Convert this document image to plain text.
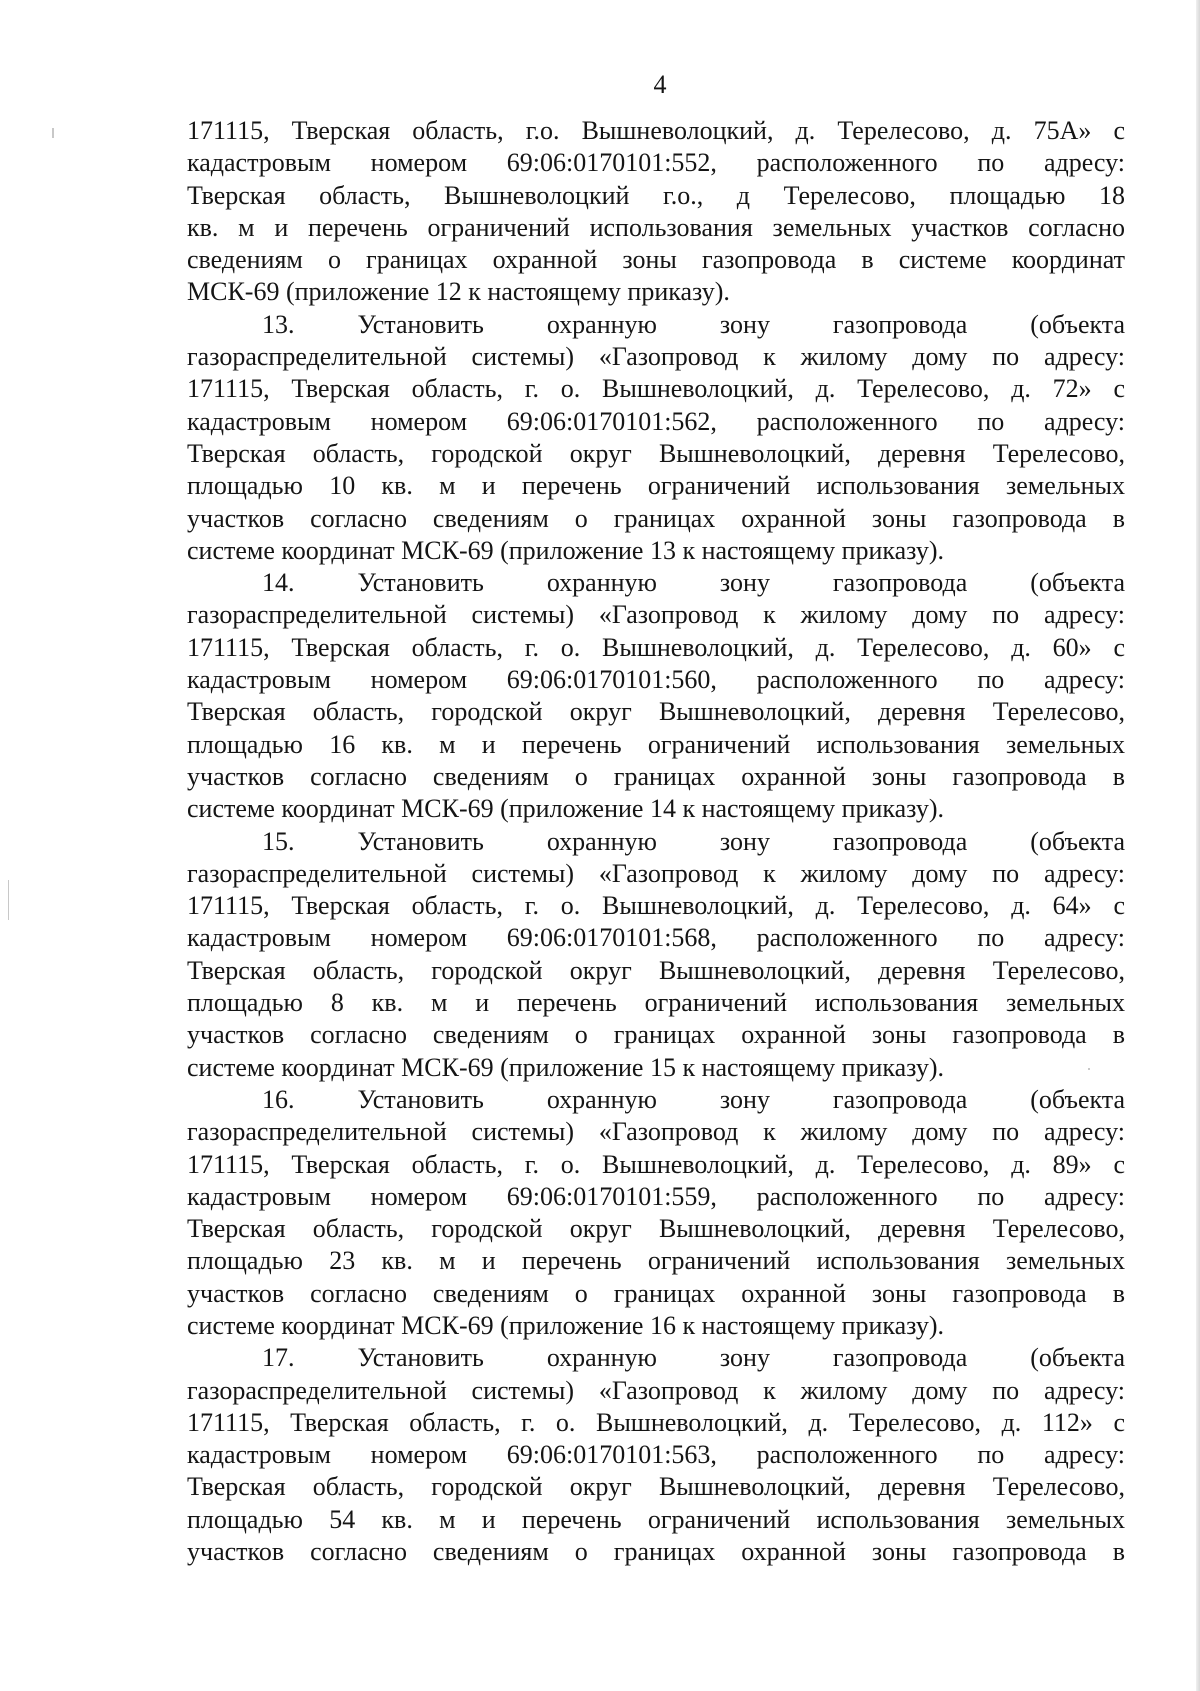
4
171115, Тверская область, г.о. Вышневолоцкий, д. Терелесово, д. 75А» с
кадастровым номером 69:06:0170101:552, расположенного по адресу:
Тверская область, Вышневолоцкий г.о., д Терелесово, площадью 18
кв. м и перечень ограничений использования земельных участков согласно
сведениям о границах охранной зоны газопровода в системе координат
МСК-69 (приложение 12 к настоящему приказу).
13. Установить охранную зону газопровода (объекта
газораспределительной системы) «Газопровод к жилому дому по адресу:
171115, Тверская область, г. о. Вышневолоцкий, д. Терелесово, д. 72» с
кадастровым номером 69:06:0170101:562, расположенного по адресу:
Тверская область, городской округ Вышневолоцкий, деревня Терелесово,
площадью 10 кв. м и перечень ограничений использования земельных
участков согласно сведениям о границах охранной зоны газопровода в
системе координат МСК-69 (приложение 13 к настоящему приказу).
14. Установить охранную зону газопровода (объекта
газораспределительной системы) «Газопровод к жилому дому по адресу:
171115, Тверская область, г. о. Вышневолоцкий, д. Терелесово, д. 60» с
кадастровым номером 69:06:0170101:560, расположенного по адресу:
Тверская область, городской округ Вышневолоцкий, деревня Терелесово,
площадью 16 кв. м и перечень ограничений использования земельных
участков согласно сведениям о границах охранной зоны газопровода в
системе координат МСК-69 (приложение 14 к настоящему приказу).
15. Установить охранную зону газопровода (объекта
газораспределительной системы) «Газопровод к жилому дому по адресу:
171115, Тверская область, г. о. Вышневолоцкий, д. Терелесово, д. 64» с
кадастровым номером 69:06:0170101:568, расположенного по адресу:
Тверская область, городской округ Вышневолоцкий, деревня Терелесово,
площадью 8 кв. м и перечень ограничений использования земельных
участков согласно сведениям о границах охранной зоны газопровода в
системе координат МСК-69 (приложение 15 к настоящему приказу).
16. Установить охранную зону газопровода (объекта
газораспределительной системы) «Газопровод к жилому дому по адресу:
171115, Тверская область, г. о. Вышневолоцкий, д. Терелесово, д. 89» с
кадастровым номером 69:06:0170101:559, расположенного по адресу:
Тверская область, городской округ Вышневолоцкий, деревня Терелесово,
площадью 23 кв. м и перечень ограничений использования земельных
участков согласно сведениям о границах охранной зоны газопровода в
системе координат МСК-69 (приложение 16 к настоящему приказу).
17. Установить охранную зону газопровода (объекта
газораспределительной системы) «Газопровод к жилому дому по адресу:
171115, Тверская область, г. о. Вышневолоцкий, д. Терелесово, д. 112» с
кадастровым номером 69:06:0170101:563, расположенного по адресу:
Тверская область, городской округ Вышневолоцкий, деревня Терелесово,
площадью 54 кв. м и перечень ограничений использования земельных
участков согласно сведениям о границах охранной зоны газопровода в
